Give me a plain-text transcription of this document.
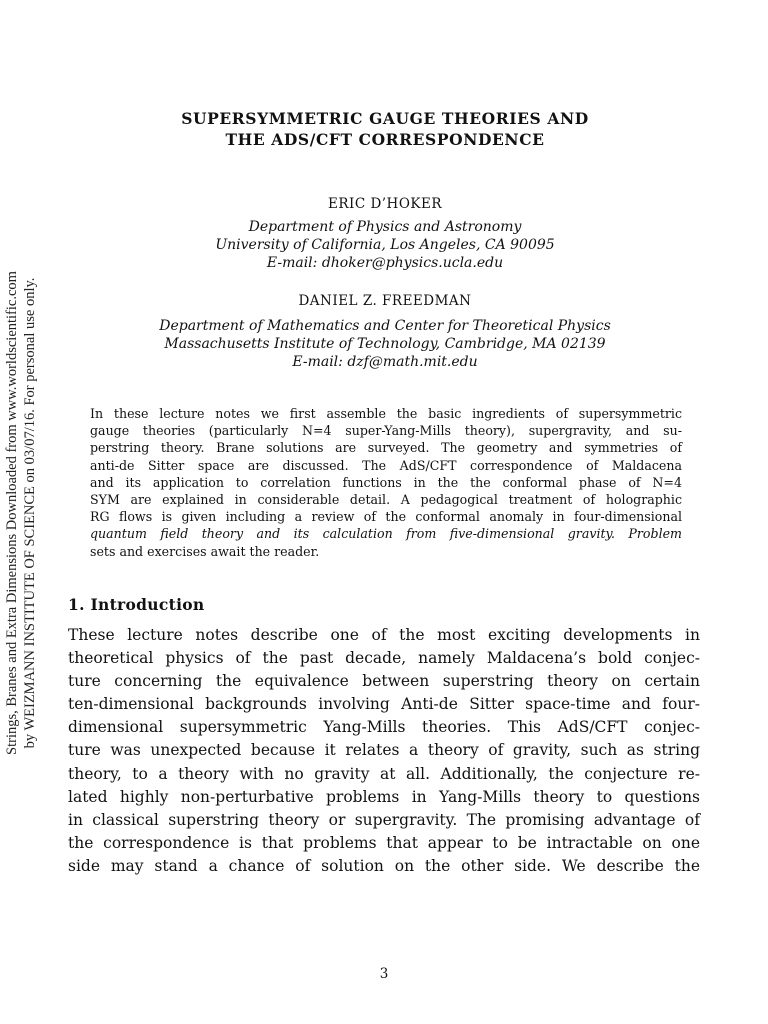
Strings, Branes and Extra Dimensions Downloaded from www.worldscientific.com by WEIZMANN INSTITUTE OF SCIENCE on 03/07/16. For personal use only.
SUPERSYMMETRIC GAUGE THEORIES AND
THE ADS/CFT CORRESPONDENCE
ERIC D’HOKER
Department of Physics and Astronomy
University of California, Los Angeles, CA 90095
E-mail: dhoker@physics.ucla.edu
DANIEL Z. FREEDMAN
Department of Mathematics and Center for Theoretical Physics
Massachusetts Institute of Technology, Cambridge, MA 02139
E-mail: dzf@math.mit.edu
In these lecture notes we first assemble the basic ingredients of supersymmetric
gauge theories (particularly N=4 super-Yang-Mills theory), supergravity, and su-
perstring theory. Brane solutions are surveyed. The geometry and symmetries of
anti-de Sitter space are discussed. The AdS/CFT correspondence of Maldacena
and its application to correlation functions in the the conformal phase of N=4
SYM are explained in considerable detail. A pedagogical treatment of holographic
RG flows is given including a review of the conformal anomaly in four-dimensional
quantum field theory and its calculation from five-dimensional gravity. Problem
sets and exercises await the reader.
1. Introduction
These lecture notes describe one of the most exciting developments in
theoretical physics of the past decade, namely Maldacena’s bold conjec-
ture concerning the equivalence between superstring theory on certain
ten-dimensional backgrounds involving Anti-de Sitter space-time and four-
dimensional supersymmetric Yang-Mills theories. This AdS/CFT conjec-
ture was unexpected because it relates a theory of gravity, such as string
theory, to a theory with no gravity at all. Additionally, the conjecture re-
lated highly non-perturbative problems in Yang-Mills theory to questions
in classical superstring theory or supergravity. The promising advantage of
the correspondence is that problems that appear to be intractable on one
side may stand a chance of solution on the other side. We describe the
3
